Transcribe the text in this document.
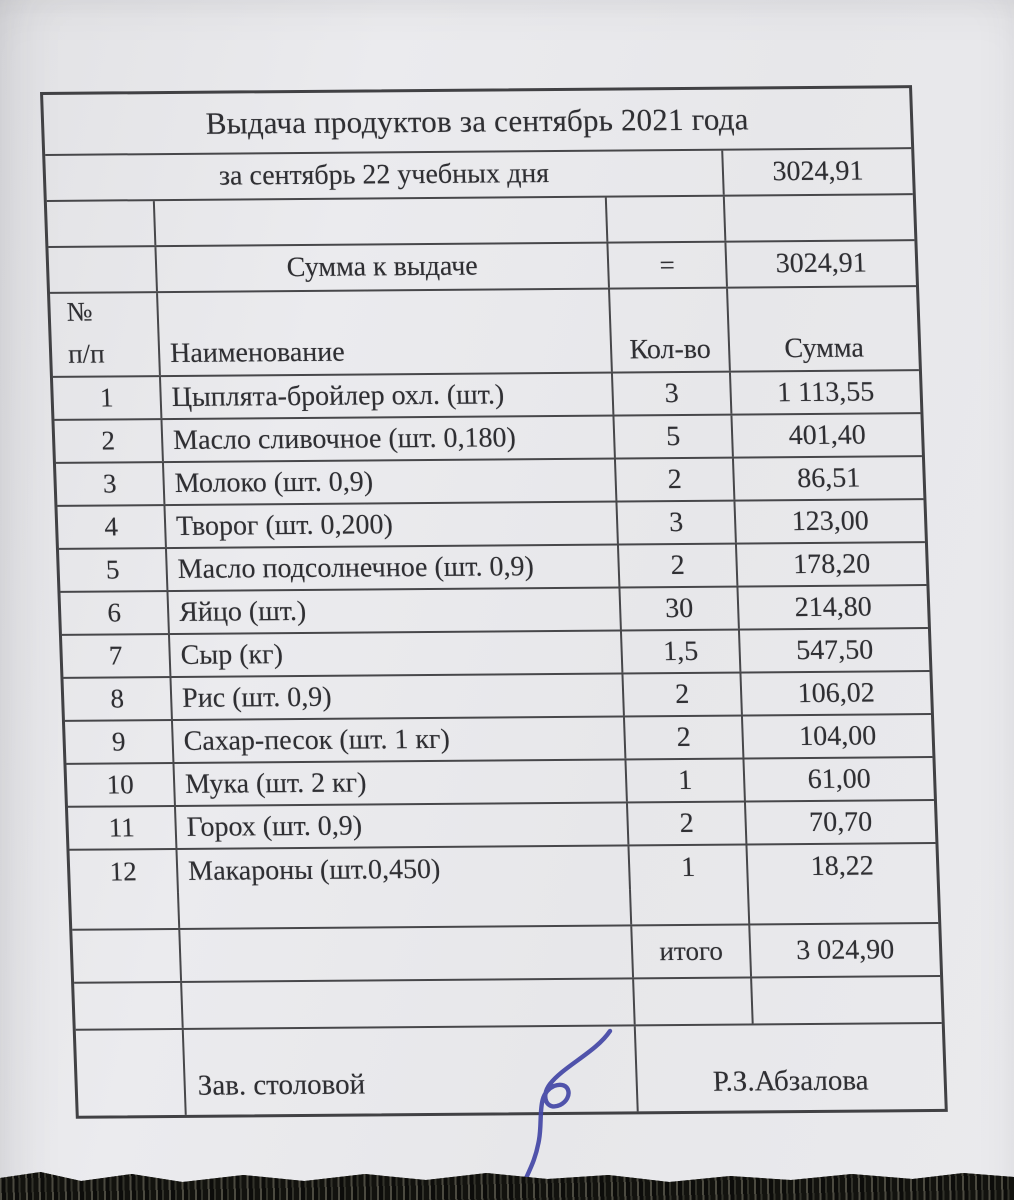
Выдача продуктов за сентябрь 2021 года
за сентябрь 22 учебных дня	3024,91
Сумма к выдаче	=	3024,91
№
п/п	Наименование	Кол-во	Сумма
1	Цыплята-бройлер охл. (шт.)	3	1 113,55
2	Масло сливочное (шт. 0,180)	5	401,40
3	Молоко (шт. 0,9)	2	86,51
4	Творог (шт. 0,200)	3	123,00
5	Масло подсолнечное (шт. 0,9)	2	178,20
6	Яйцо (шт.)	30	214,80
7	Сыр (кг)	1,5	547,50
8	Рис (шт. 0,9)	2	106,02
9	Сахар-песок (шт. 1 кг)	2	104,00
10	Мука (шт. 2 кг)	1	61,00
11	Горох (шт. 0,9)	2	70,70
12	Макароны (шт.0,450)	1	18,22
итого	3 024,90
Зав. столовой	Р.З.Абзалова
